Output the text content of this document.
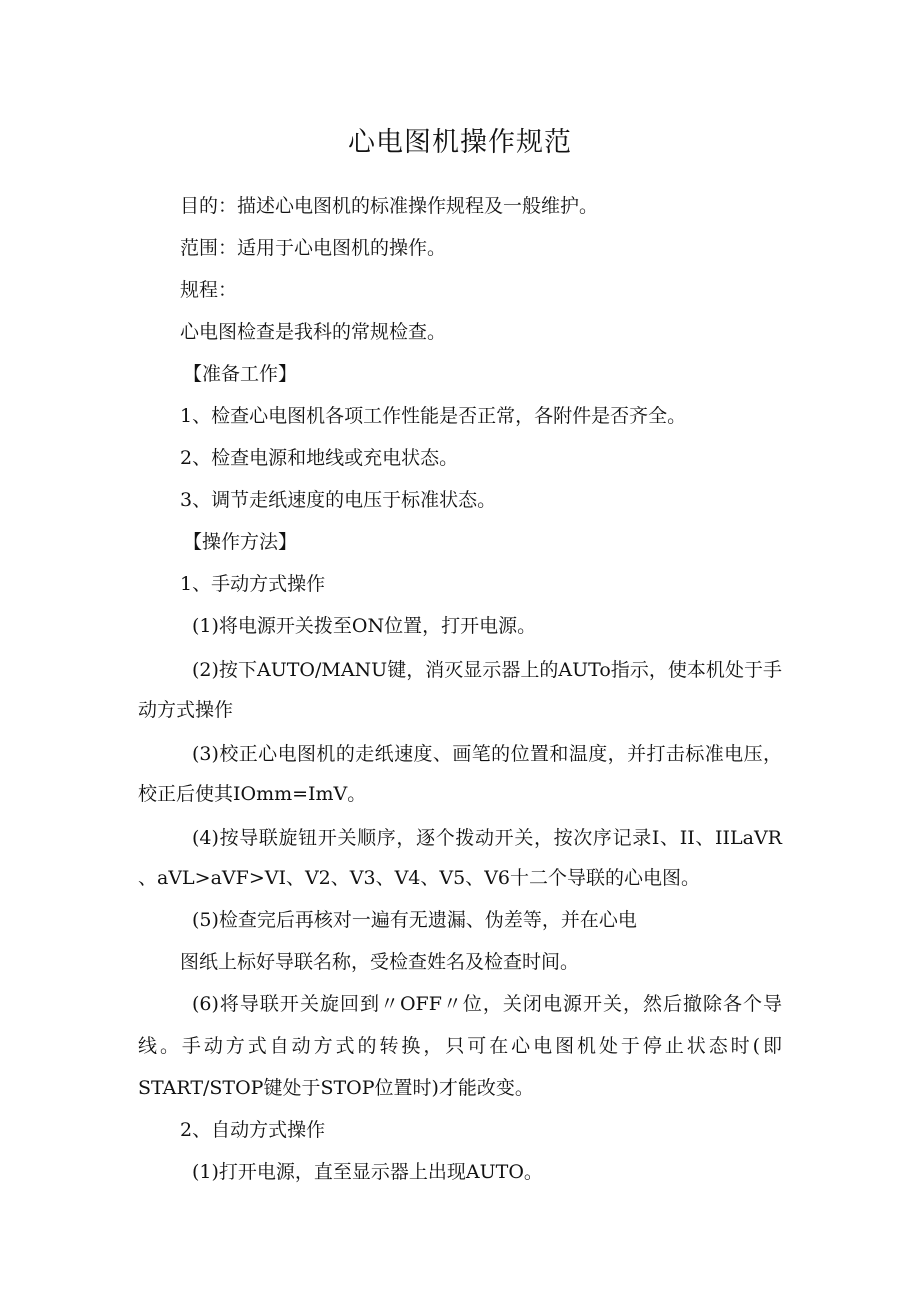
心电图机操作规范
目的：描述心电图机的标准操作规程及一般维护。
范围：适用于心电图机的操作。
规程：
心电图检查是我科的常规检查。
【准备工作】
1、检查心电图机各项工作性能是否正常，各附件是否齐全。
2、检查电源和地线或充电状态。
3、调节走纸速度的电压于标准状态。
【操作方法】
1、手动方式操作
(1)将电源开关拨至ON位置，打开电源。
(2)按下AUTO/MANU键，消灭显示器上的AUTo指示，使本机处于手
动方式操作
(3)校正心电图机的走纸速度、画笔的位置和温度，并打击标准电压，
校正后使其IOmm=ImV。
(4)按导联旋钮开关顺序，逐个拨动开关，按次序记录I、II、IILaVR
、aVL>aVF>VI、V2、V3、V4、V5、V6十二个导联的心电图。
(5)检查完后再核对一遍有无遗漏、伪差等，并在心电
图纸上标好导联名称，受检查姓名及检查时间。
(6)将导联开关旋回到〃OFF〃位，关闭电源开关，然后撤除各个导
线。手动方式自动方式的转换，只可在心电图机处于停止状态时(即
START/STOP键处于STOP位置时)才能改变。
2、自动方式操作
(1)打开电源，直至显示器上出现AUTO。
